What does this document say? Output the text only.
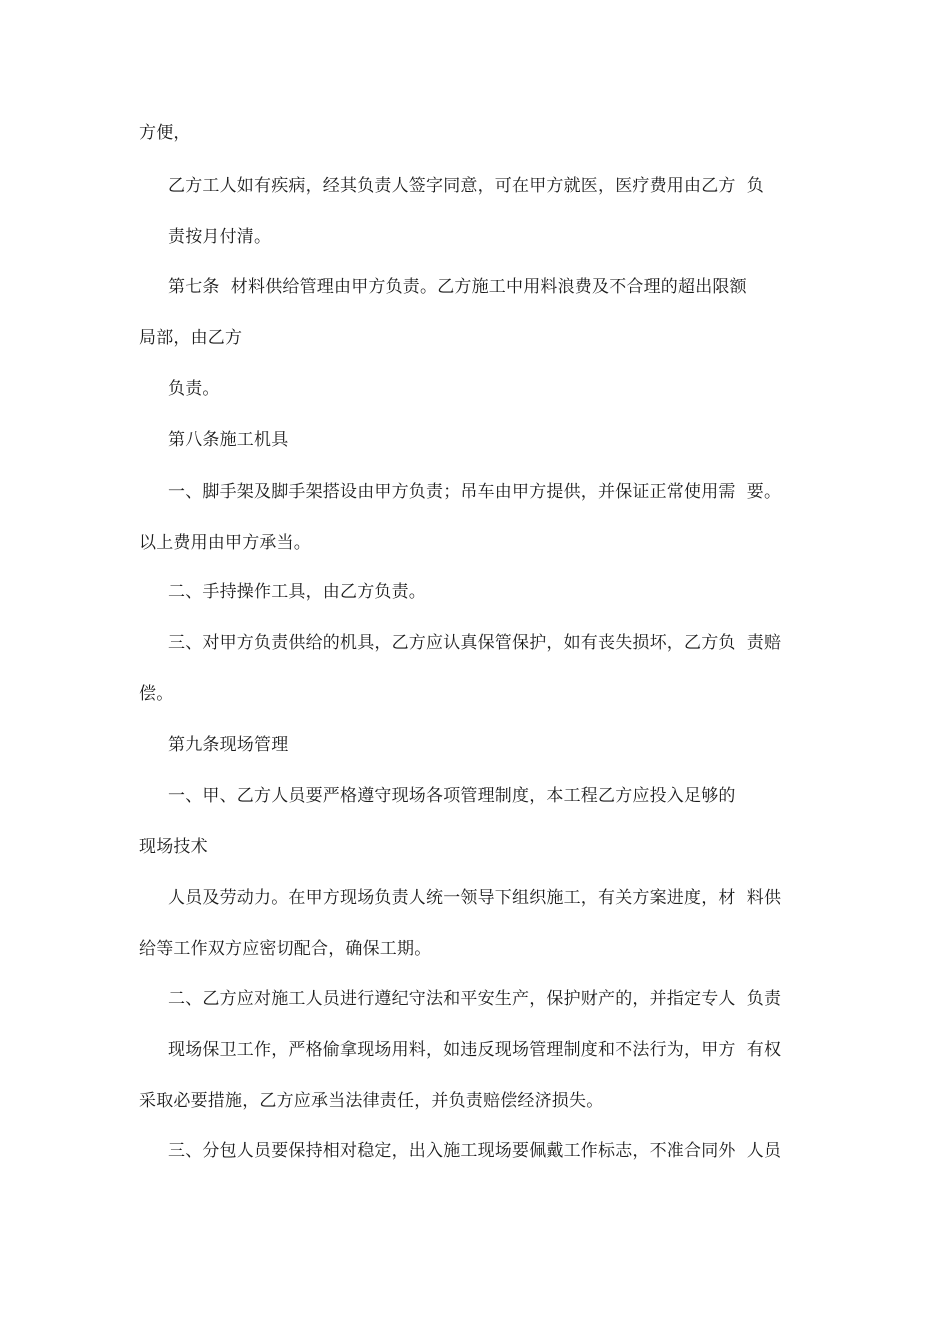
方便，
乙方工人如有疾病，经其负责人签字同意，可在甲方就医，医疗费用由乙方  负
责按月付清。
第七条  材料供给管理由甲方负责。乙方施工中用料浪费及不合理的超出限额
局部，由乙方
负责。
第八条施工机具
一、脚手架及脚手架搭设由甲方负责；吊车由甲方提供，并保证正常使用需  要。
以上费用由甲方承当。
二、手持操作工具，由乙方负责。
三、对甲方负责供给的机具，乙方应认真保管保护，如有丧失损坏，乙方负  责赔
偿。
第九条现场管理
一、甲、乙方人员要严格遵守现场各项管理制度，本工程乙方应投入足够的
现场技术
人员及劳动力。在甲方现场负责人统一领导下组织施工，有关方案进度，材  料供
给等工作双方应密切配合，确保工期。
二、乙方应对施工人员进行遵纪守法和平安生产，保护财产的，并指定专人  负责
现场保卫工作，严格偷拿现场用料，如违反现场管理制度和不法行为，甲方  有权
采取必要措施，乙方应承当法律责任，并负责赔偿经济损失。
三、分包人员要保持相对稳定，出入施工现场要佩戴工作标志，不准合同外  人员
